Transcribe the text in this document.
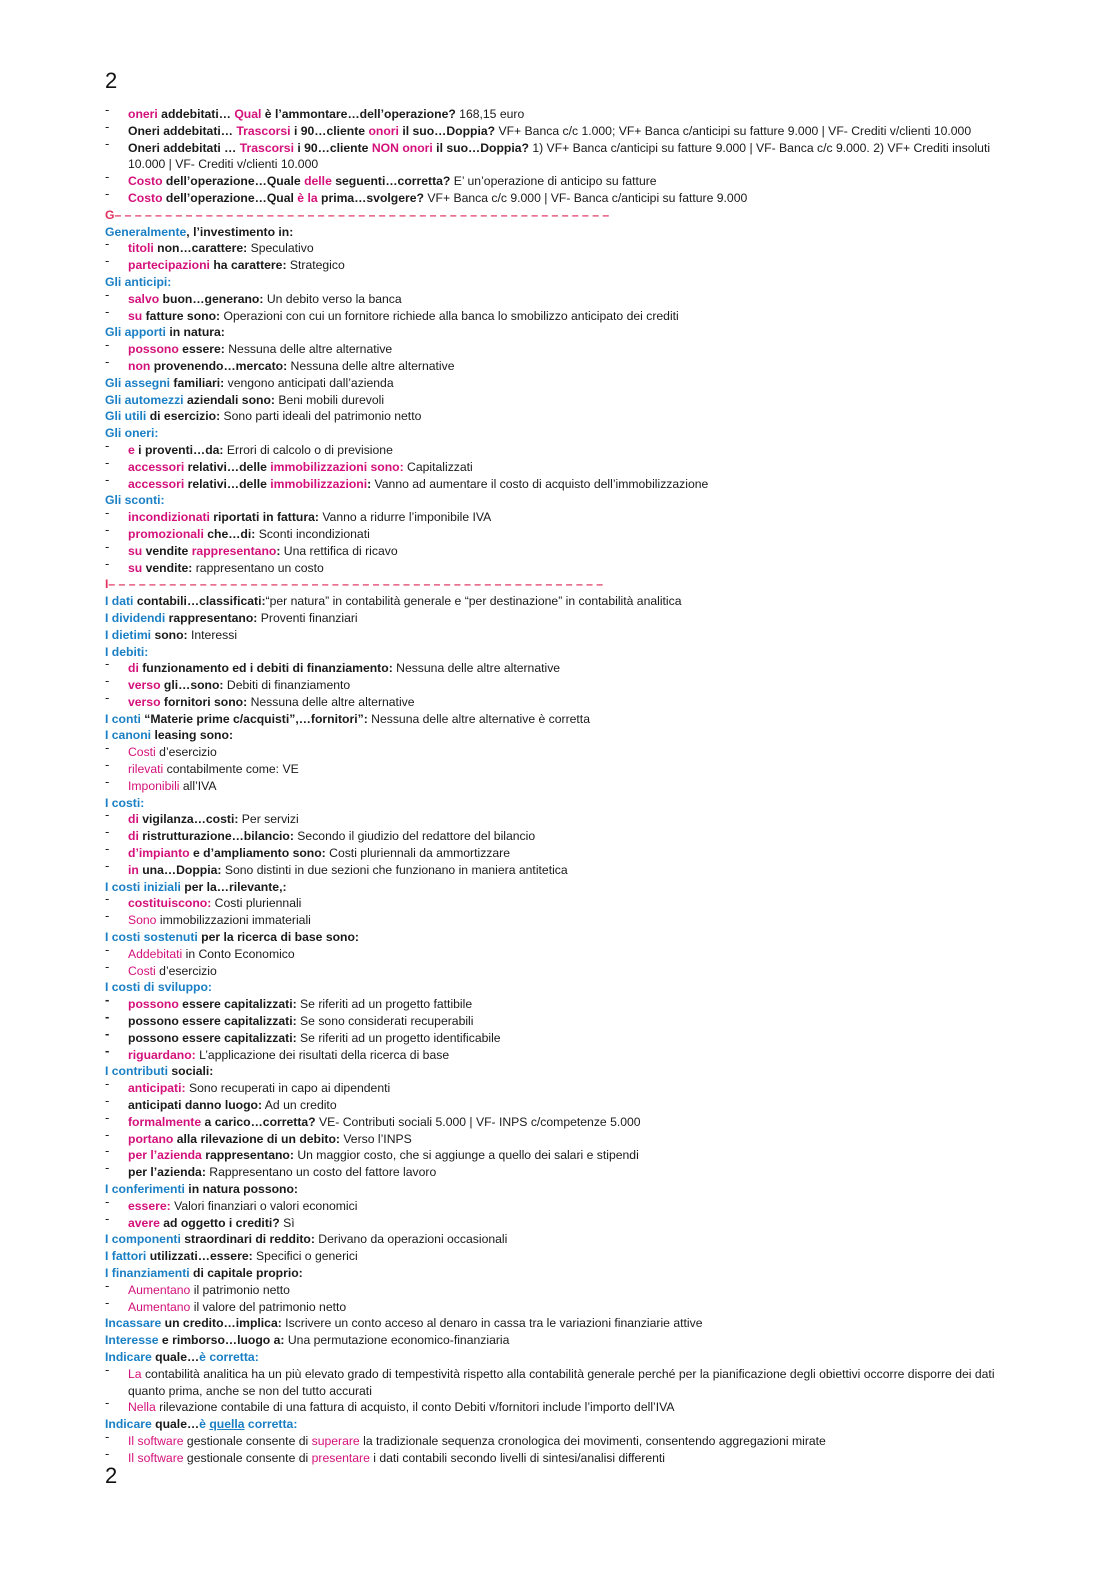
2
- oneri addebitati… Qual è l’ammontare…dell’operazione? 168,15 euro
- Oneri addebitati… Trascorsi i 90…cliente onori il suo…Doppia? VF+ Banca c/c 1.000; VF+ Banca c/anticipi su fatture 9.000 | VF- Crediti v/clienti 10.000
- Oneri addebitati … Trascorsi i 90…cliente NON onori il suo…Doppia? 1) VF+ Banca c/anticipi su fatture 9.000 | VF- Banca c/c 9.000. 2) VF+ Crediti insoluti 10.000 | VF- Crediti v/clienti 10.000
- Costo dell’operazione…Quale delle seguenti…corretta? E’ un’operazione di anticipo su fatture
- Costo dell’operazione…Qual è la prima…svolgere? VF+ Banca c/c 9.000 | VF- Banca c/anticipi su fatture 9.000
G– – – – – – – – – – – – – – – – – – – – – – – – – – – – – – – – – – – – – – – – – – – – – – – – –
Generalmente, l’investimento in:
- titoli non…carattere: Speculativo
- partecipazioni ha carattere: Strategico
Gli anticipi:
- salvo buon…generano: Un debito verso la banca
- su fatture sono: Operazioni con cui un fornitore richiede alla banca lo smobilizzo anticipato dei crediti
Gli apporti in natura:
- possono essere: Nessuna delle altre alternative
- non provenendo…mercato: Nessuna delle altre alternative
Gli assegni familiari: vengono anticipati dall’azienda
Gli automezzi aziendali sono: Beni mobili durevoli
Gli utili di esercizio: Sono parti ideali del patrimonio netto
Gli oneri:
- e i proventi…da: Errori di calcolo o di previsione
- accessori relativi…delle immobilizzazioni sono: Capitalizzati
- accessori relativi…delle immobilizzazioni: Vanno ad aumentare il costo di acquisto dell’immobilizzazione
Gli sconti:
- incondizionati riportati in fattura: Vanno a ridurre l’imponibile IVA
- promozionali che…di: Sconti incondizionati
- su vendite rappresentano: Una rettifica di ricavo
- su vendite: rappresentano un costo
I– – – – – – – – – – – – – – – – – – – – – – – – – – – – – – – – – – – – – – – – – – – – – – – – –
I dati contabili…classificati:“per natura” in contabilità generale e “per destinazione” in contabilità analitica
I dividendi rappresentano: Proventi finanziari
I dietimi sono: Interessi
I debiti:
- di funzionamento ed i debiti di finanziamento: Nessuna delle altre alternative
- verso gli…sono: Debiti di finanziamento
- verso fornitori sono: Nessuna delle altre alternative
I conti “Materie prime c/acquisti”,…fornitori”: Nessuna delle altre alternative è corretta
I canoni leasing sono:
- Costi d’esercizio
- rilevati contabilmente come: VE
- Imponibili all’IVA
I costi:
- di vigilanza…costi: Per servizi
- di ristrutturazione…bilancio: Secondo il giudizio del redattore del bilancio
- d’impianto e d’ampliamento sono: Costi pluriennali da ammortizzare
- in una…Doppia: Sono distinti in due sezioni che funzionano in maniera antitetica
I costi iniziali per la…rilevante,:
- costituiscono: Costi pluriennali
- Sono immobilizzazioni immateriali
I costi sostenuti per la ricerca di base sono:
- Addebitati in Conto Economico
- Costi d’esercizio
I costi di sviluppo:
- possono essere capitalizzati: Se riferiti ad un progetto fattibile
- possono essere capitalizzati: Se sono considerati recuperabili
- possono essere capitalizzati: Se riferiti ad un progetto identificabile
- riguardano: L’applicazione dei risultati della ricerca di base
I contributi sociali:
- anticipati: Sono recuperati in capo ai dipendenti
- anticipati danno luogo: Ad un credito
- formalmente a carico…corretta? VE- Contributi sociali 5.000 | VF- INPS c/competenze 5.000
- portano alla rilevazione di un debito: Verso l’INPS
- per l’azienda rappresentano: Un maggior costo, che si aggiunge a quello dei salari e stipendi
- per l’azienda: Rappresentano un costo del fattore lavoro
I conferimenti in natura possono:
- essere: Valori finanziari o valori economici
- avere ad oggetto i crediti? Sì
I componenti straordinari di reddito: Derivano da operazioni occasionali
I fattori utilizzati…essere: Specifici o generici
I finanziamenti di capitale proprio:
- Aumentano il patrimonio netto
- Aumentano il valore del patrimonio netto
Incassare un credito…implica: Iscrivere un conto acceso al denaro in cassa tra le variazioni finanziarie attive
Interesse e rimborso…luogo a: Una permutazione economico-finanziaria
Indicare quale…è corretta:
- La contabilità analitica ha un più elevato grado di tempestività rispetto alla contabilità generale perché per la pianificazione degli obiettivi occorre disporre dei dati quanto prima, anche se non del tutto accurati
- Nella rilevazione contabile di una fattura di acquisto, il conto Debiti v/fornitori include l’importo dell’IVA
Indicare quale…è quella corretta:
- Il software gestionale consente di superare la tradizionale sequenza cronologica dei movimenti, consentendo aggregazioni mirate
- Il software gestionale consente di presentare i dati contabili secondo livelli di sintesi/analisi differenti
2
